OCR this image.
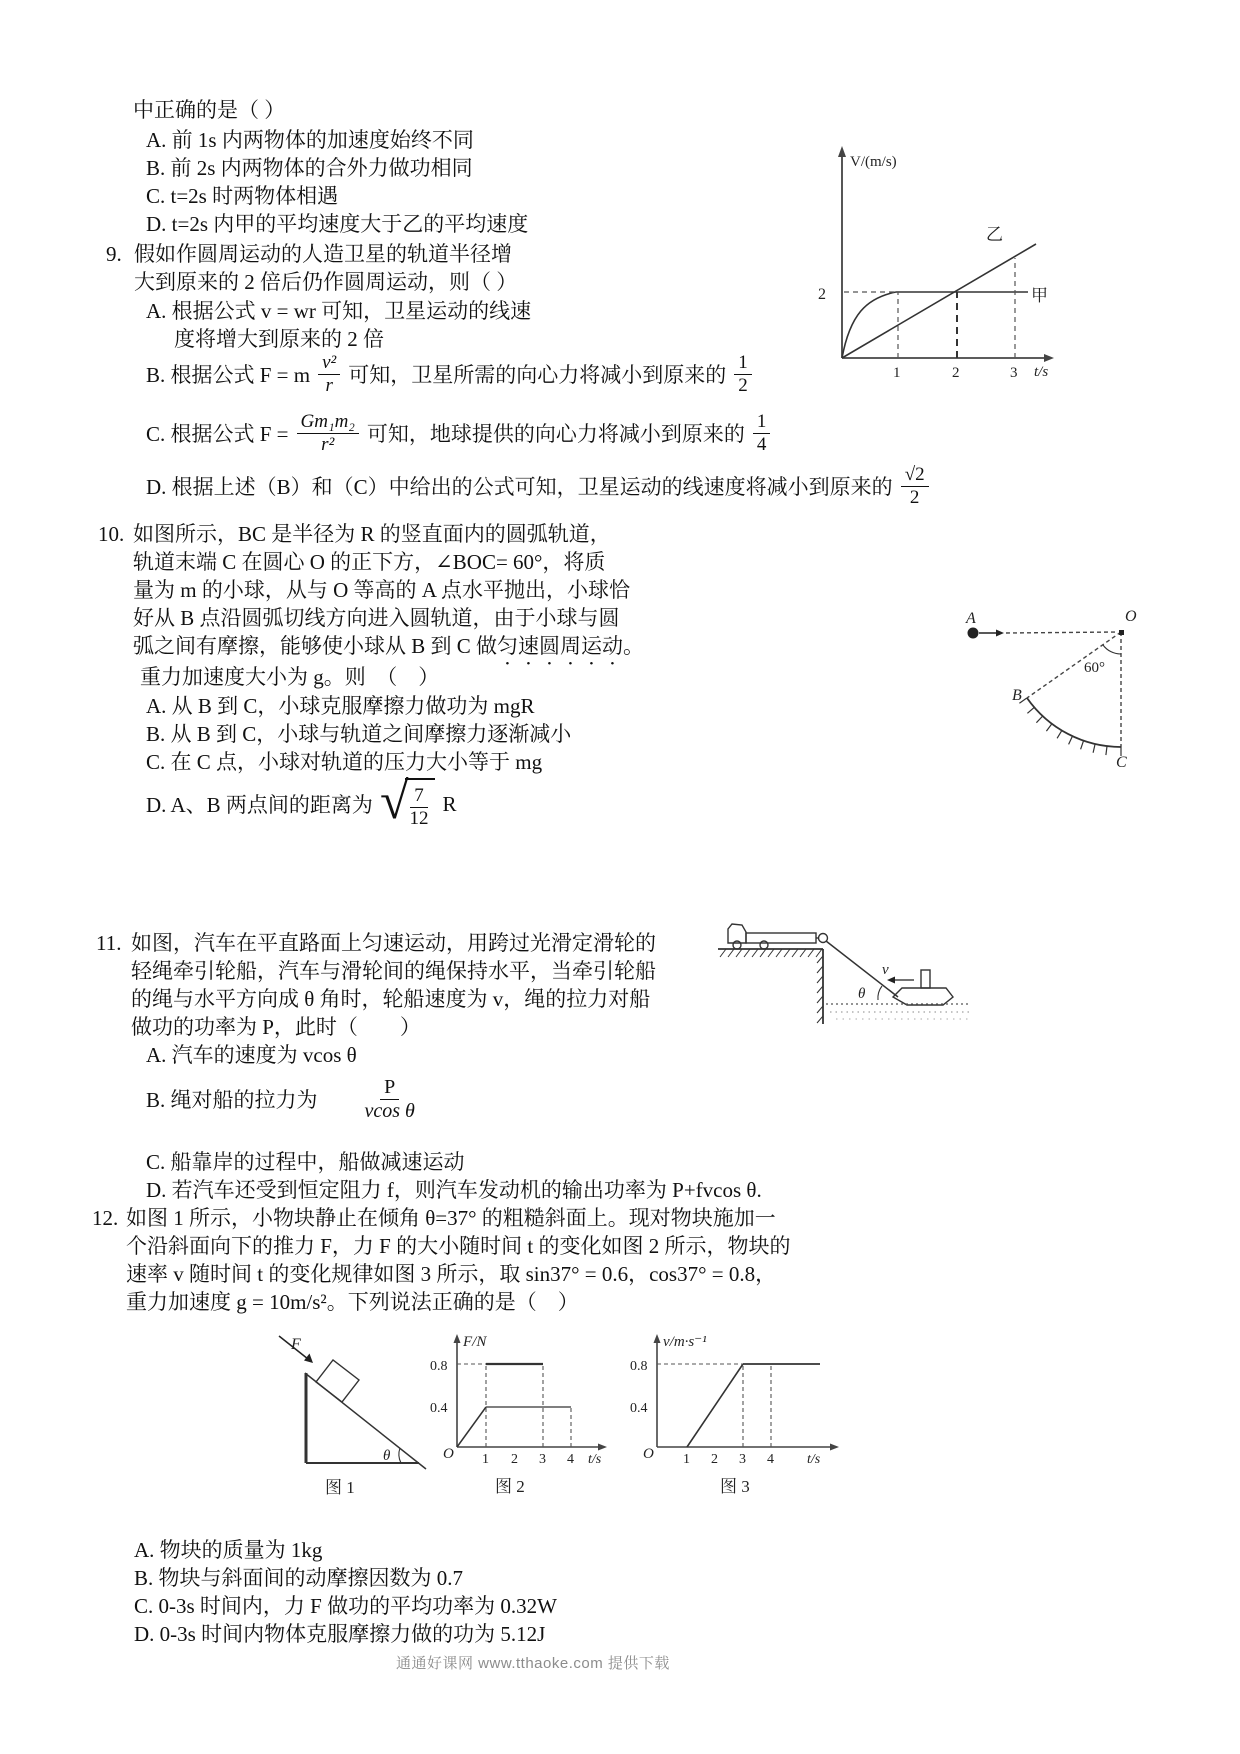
中正确的是（ ）
A. 前 1s 内两物体的加速度始终不同
B. 前 2s 内两物体的合外力做功相同
C. t=2s 时两物体相遇
D. t=2s 内甲的平均速度大于乙的平均速度
V/(m/s)
2
1	2	3 t/s
乙
甲
9. 假如作圆周运动的人造卫星的轨道半径增
大到原来的 2 倍后仍作圆周运动，则（ ）
A. 根据公式 v = wr 可知，卫星运动的线速
度将增大到原来的 2 倍
B. 根据公式 F = m $\frac{\text{v²}}{r}$ 可知，卫星所需的向心力将减小到原来的 $\frac{1}{2}$
C. 根据公式 $F = \frac{\text{Gm₁m₂}}{\text{r²}}$ 可知，地球提供的向心力将减小到原来的 $\frac{1}{4}$
D. 根据上述（B）和（C）中给出的公式可知，卫星运动的线速度将减小到原来的 $\frac{√2}{2}$
10. 如图所示，BC 是半径为 R 的竖直面内的圆弧轨道，
轨道末端 C 在圆心 O 的正下方，∠BOC= 60°，将质
量为 m 的小球，从与 O 等高的 A 点水平抛出，小球恰
好从 B 点沿圆弧切线方向进入圆轨道，由于小球与圆
弧之间有摩擦，能够使小球从 B 到 C 做匀速圆周运动。
重力加速度大小为 g。则　（　）
A. 从 B 到 C，小球克服摩擦力做功为 mgR
B. 从 B 到 C，小球与轨道之间摩擦力逐渐减小
C. 在 C 点，小球对轨道的压力大小等于 mg
D. A、B 两点间的距离为 √ $\frac{7}{12}$ R
A	O
B
C
60°
11. 如图，汽车在平直路面上匀速运动，用跨过光滑定滑轮的
轻绳牵引轮船，汽车与滑轮间的绳保持水平，当牵引轮船
的绳与水平方向成 θ 角时，轮船速度为 v，绳的拉力对船
做功的功率为 P，此时（　　）
A. 汽车的速度为 vcos θ
B. 绳对船的拉力为 $\frac{P}{\text{vcos θ}}$
C. 船靠岸的过程中，船做减速运动
D. 若汽车还受到恒定阻力 f，则汽车发动机的输出功率为 P+fvcos θ.
θ
v
12. 如图 1 所示，小物块静止在倾角 θ=37° 的粗糙斜面上。现对物块施加一
个沿斜面向下的推力 F，力 F 的大小随时间 t 的变化如图 2 所示，物块的
速率 v 随时间 t 的变化规律如图 3 所示，取 sin37° = 0.6，cos37° = 0.8，
重力加速度 g = 10m/s²。下列说法正确的是（　）
F
θ
图 1
F/N
0.8
0.4
O 1 2 3 4 t/s
图 2
v/m·s⁻¹
0.8
0.4
O 1 2 3 4 t/s
图 3
A. 物块的质量为 1kg
B. 物块与斜面间的动摩擦因数为 0.7
C. 0-3s 时间内，力 F 做功的平均功率为 0.32W
D. 0-3s 时间内物体克服摩擦力做的功为 5.12J
通通好课网 www.tthaoke.com 提供下载
